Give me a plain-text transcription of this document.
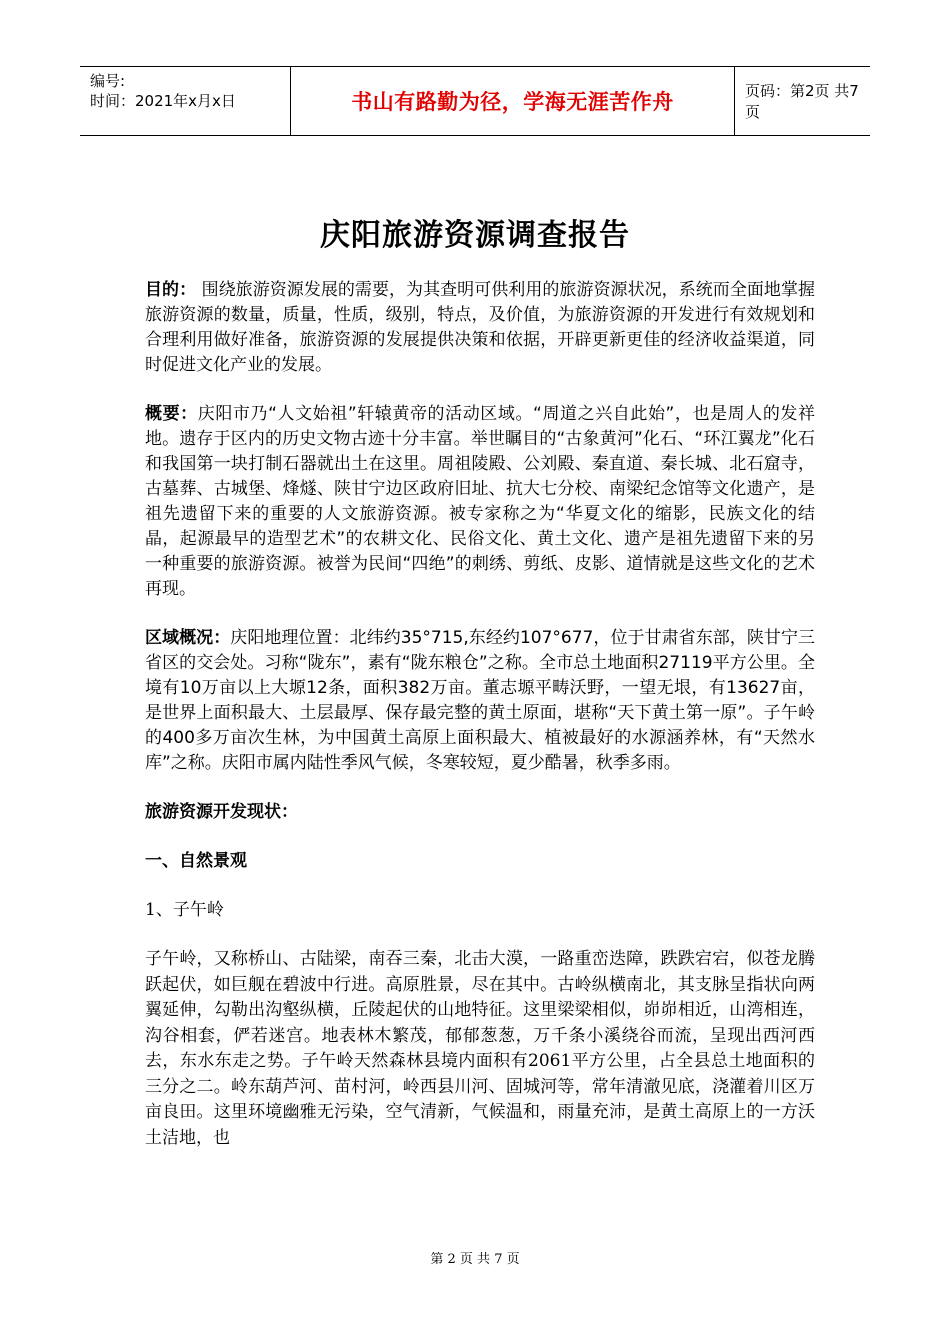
编号:
时间：2021年x月x日	书山有路勤为径，学海无涯苦作舟	页码：第2页 共7页
庆阳旅游资源调查报告

目的： 围绕旅游资源发展的需要，为其查明可供利用的旅游资源状况，系统而全面地掌握旅游资源的数量，质量，性质，级别，特点，及价值，为旅游资源的开发进行有效规划和合理利用做好准备，旅游资源的发展提供决策和依据，开辟更新更佳的经济收益渠道，同时促进文化产业的发展。

概要：庆阳市乃“人文始祖”轩辕黄帝的活动区域。“周道之兴自此始”，也是周人的发祥地。遗存于区内的历史文物古迹十分丰富。举世瞩目的“古象黄河”化石、“环江翼龙”化石和我国第一块打制石器就出土在这里。周祖陵殿、公刘殿、秦直道、秦长城、北石窟寺，古墓葬、古城堡、烽燧、陕甘宁边区政府旧址、抗大七分校、南梁纪念馆等文化遗产，是祖先遗留下来的重要的人文旅游资源。被专家称之为“华夏文化的缩影，民族文化的结晶，起源最早的造型艺术”的农耕文化、民俗文化、黄土文化、遗产是祖先遗留下来的另一种重要的旅游资源。被誉为民间“四绝”的刺绣、剪纸、皮影、道情就是这些文化的艺术再现。

区域概况：庆阳地理位置：北纬约35°715,东经约107°677，位于甘肃省东部，陕甘宁三省区的交会处。习称“陇东”，素有“陇东粮仓”之称。全市总土地面积27119平方公里。全境有10万亩以上大塬12条，面积382万亩。董志塬平畴沃野，一望无垠，有13627亩，是世界上面积最大、土层最厚、保存最完整的黄土原面，堪称“天下黄土第一原”。子午岭的400多万亩次生林，为中国黄土高原上面积最大、植被最好的水源涵养林，有“天然水库”之称。庆阳市属内陆性季风气候，冬寒较短，夏少酷暑，秋季多雨。

旅游资源开发现状：

一、自然景观

1、子午岭

子午岭，又称桥山、古陆梁，南吞三秦，北击大漠，一路重峦迭障，跌跌宕宕，似苍龙腾跃起伏，如巨舰在碧波中行进。高原胜景，尽在其中。古岭纵横南北，其支脉呈指状向两翼延伸，勾勒出沟壑纵横，丘陵起伏的山地特征。这里梁梁相似，峁峁相近，山湾相连，沟谷相套，俨若迷宫。地表林木繁茂，郁郁葱葱，万千条小溪绕谷而流，呈现出西河西去，东水东走之势。子午岭天然森林县境内面积有2061平方公里，占全县总土地面积的三分之二。岭东葫芦河、苗村河，岭西县川河、固城河等，常年清澈见底，浇灌着川区万亩良田。这里环境幽雅无污染，空气清新，气候温和，雨量充沛，是黄土高原上的一方沃土洁地，也

第 2 页 共 7 页
